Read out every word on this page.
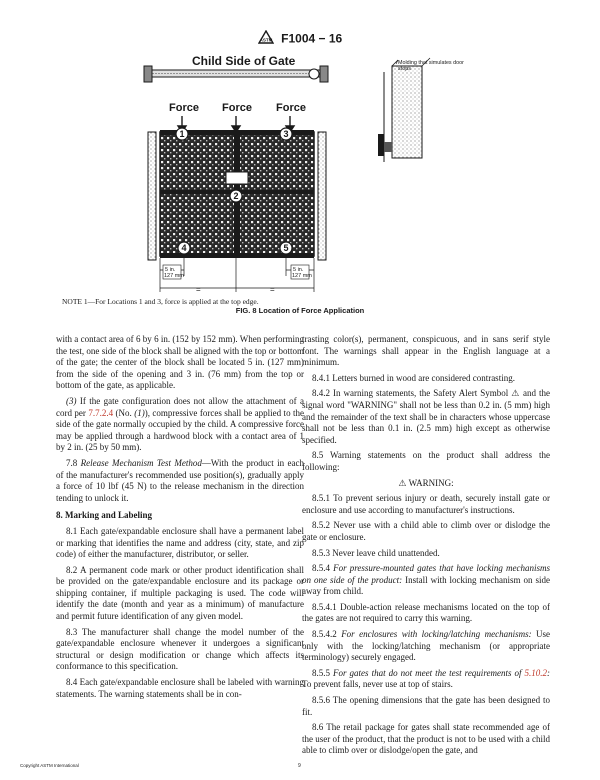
ASTM F1004 − 16
1	3
2
4	5
5 in.
127 mm
5 in.
127 mm
=	=
Child Side of Gate
Force Force Force
Molding that simulates door stops
NOTE 1—For Locations 1 and 3, force is applied at the top edge.
FIG. 8 Location of Force Application

with a contact area of 6 by 6 in. (152 by 152 mm). When performing the test, one side of the block shall be aligned with the top or bottom of the gate; the center of the block shall be located 5 in. (127 mm) from the side of the opening and 3 in. (76 mm) from the top or bottom of the gate, as applicable.

(3) If the gate configuration does not allow the attachment of a cord per 7.7.2.4 (No. (1)), compressive forces shall be applied to the side of the gate normally occupied by the child. A compressive force may be applied through a hardwood block with a contact area of 1 by 2 in. (25 by 50 mm).

7.8 Release Mechanism Test Method—With the product in each of the manufacturer's recommended use position(s), gradually apply a force of 10 lbf (45 N) to the release mechanism in the direction tending to unlock it.

8. Marking and Labeling

8.1 Each gate/expandable enclosure shall have a permanent label or marking that identifies the name and address (city, state, and zip code) of either the manufacturer, distributor, or seller.

8.2 A permanent code mark or other product identification shall be provided on the gate/expandable enclosure and its package or shipping container, if multiple packaging is used. The code will identify the date (month and year as a minimum) of manufacture and permit future identification of any given model.

8.3 The manufacturer shall change the model number of the gate/expandable enclosure whenever it undergoes a significant structural or design modification or change which affects its conformance to this specification.

8.4 Each gate/expandable enclosure shall be labeled with warning statements. The warning statements shall be in con-

trasting color(s), permanent, conspicuous, and in sans serif style font. The warnings shall appear in the English language at a minimum.

8.4.1 Letters burned in wood are considered contrasting.

8.4.2 In warning statements, the Safety Alert Symbol ⚠ and the signal word "WARNING" shall not be less than 0.2 in. (5 mm) high and the remainder of the text shall be in characters whose uppercase shall not be less than 0.1 in. (2.5 mm) high except as otherwise specified.

8.5 Warning statements on the product shall address the following:

⚠ WARNING:

8.5.1 To prevent serious injury or death, securely install gate or enclosure and use according to manufacturer's instructions.

8.5.2 Never use with a child able to climb over or dislodge the gate or enclosure.

8.5.3 Never leave child unattended.

8.5.4 For pressure-mounted gates that have locking mechanisms on one side of the product: Install with locking mechanism on side away from child.

8.5.4.1 Double-action release mechanisms located on the top of the gates are not required to carry this warning.

8.5.4.2 For enclosures with locking/latching mechanisms: Use only with the locking/latching mechanism (or appropriate terminology) securely engaged.

8.5.5 For gates that do not meet the test requirements of 5.10.2: To prevent falls, never use at top of stairs.

8.5.6 The opening dimensions that the gate has been designed to fit.

8.6 The retail package for gates shall state recommended age of the user of the product, that the product is not to be used with a child able to climb over or dislodge/open the gate, and

Copyright ASTM International	9
